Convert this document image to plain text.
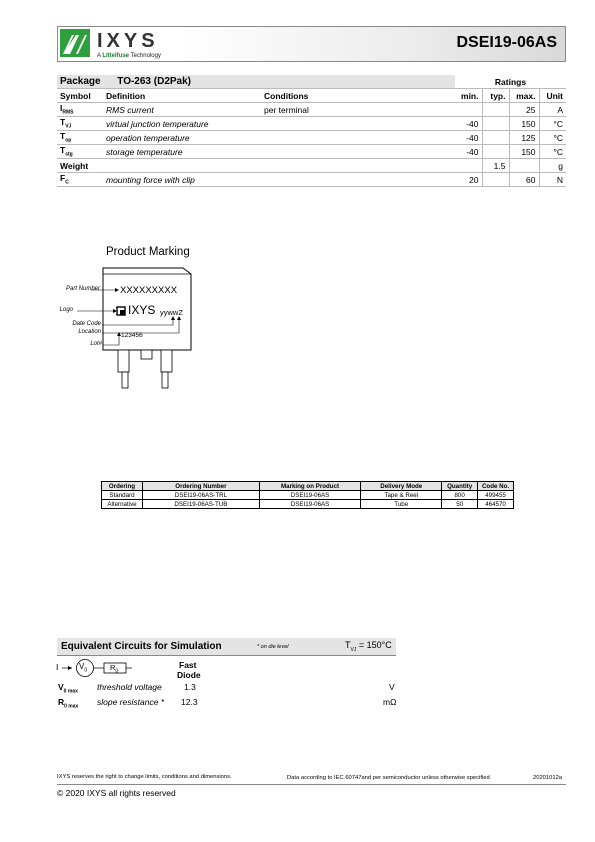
IXYS
A Littelfuse Technology
DSEI19-06AS
Package TO-263 (D2Pak)			Ratings			
Symbol	Definition	Conditions	min.	typ.	max.	Unit
$I_{RMS}$	RMS current	per terminal			25	A
$T_{VJ}$	virtual junction temperature		-40		150	°C
$T_{op}$	operation temperature		-40		125	°C
$T_{stg}$	storage temperature		-40		150	°C
Weight				1.5		g
$F_C$	mounting force with clip		20		60	N
Product Marking
Part Number
Logo
Date Code
Location
Lot#
XXXXXXXXX
IXYS yywwZ
123456
Ordering	Ordering Number	Marking on Product	Delivery Mode	Quantity	Code No.
Standard	DSEI19-06AS-TRL	DSEI19-06AS	Tape & Reel	800	499455
Alternative	DSEI19-06AS-TUB	DSEI19-06AS	Tube	50	464570
Equivalent Circuits for Simulation	* on die level	$T_{VJ} = 150^\circ C$
I	$V_0$	$R_0$
Fast
Diode
$V_{0 max}$ threshold voltage	1.3	V
$R_{0 max}$ slope resistance * 12.3	mΩ
IXYS reserves the right to change limits, conditions and dimensions.	Data according to IEC 60747and per semiconductor unless otherwise specified	20201012a
© 2020 IXYS all rights reserved
